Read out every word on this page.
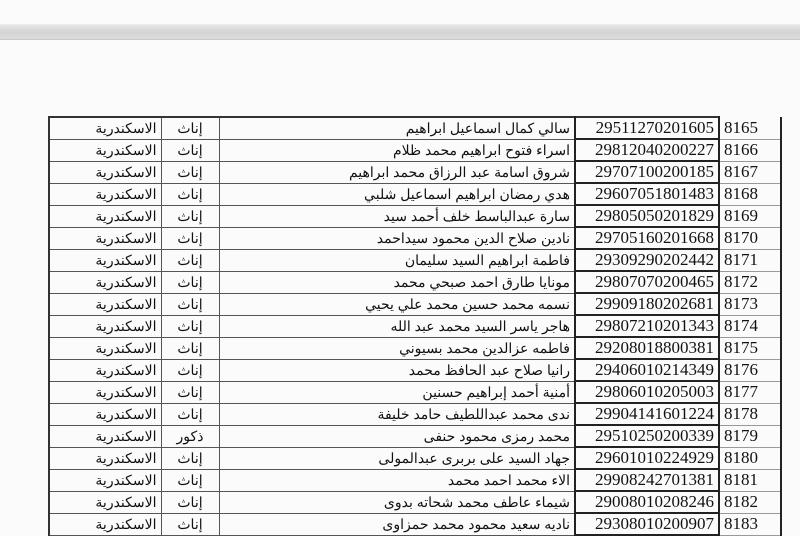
8165	29511270201605	سالي كمال اسماعيل ابراهيم	إناث	الاسكندرية
8166	29812040200227	اسراء فتوح ابراهيم محمد ظلام	إناث	الاسكندرية
8167	29707100200185	شروق اسامة عبد الرزاق محمد ابراهيم	إناث	الاسكندرية
8168	29607051801483	هدي رمضان ابراهيم اسماعيل شلبي	إناث	الاسكندرية
8169	29805050201829	سارة عبدالباسط خلف أحمد سيد	إناث	الاسكندرية
8170	29705160201668	نادين صلاح الدين محمود سيداحمد	إناث	الاسكندرية
8171	29309290202442	فاطمة ابراهيم السيد سليمان	إناث	الاسكندرية
8172	29807070200465	مونايا طارق احمد صبحي محمد	إناث	الاسكندرية
8173	29909180202681	نسمه محمد حسين محمد علي يحيي	إناث	الاسكندرية
8174	29807210201343	هاجر ياسر السيد محمد عبد الله	إناث	الاسكندرية
8175	29208018800381	فاطمه عزالدين محمد بسيوني	إناث	الاسكندرية
8176	29406010214349	رانيا صلاح عبد الحافظ محمد	إناث	الاسكندرية
8177	29806010205003	أمنية أحمد إبراهيم حسنين	إناث	الاسكندرية
8178	29904141601224	ندى محمد عبداللطيف حامد خليفة	إناث	الاسكندرية
8179	29510250200339	محمد رمزى محمود حنفى	ذكور	الاسكندرية
8180	29601010224929	جهاد السيد على بربرى عبدالمولى	إناث	الاسكندرية
8181	29908242701381	الاء محمد احمد محمد	إناث	الاسكندرية
8182	29008010208246	شيماء عاطف محمد شحاته بدوى	إناث	الاسكندرية
8183	29308010200907	ناديه سعيد محمود محمد حمزاوى	إناث	الاسكندرية
